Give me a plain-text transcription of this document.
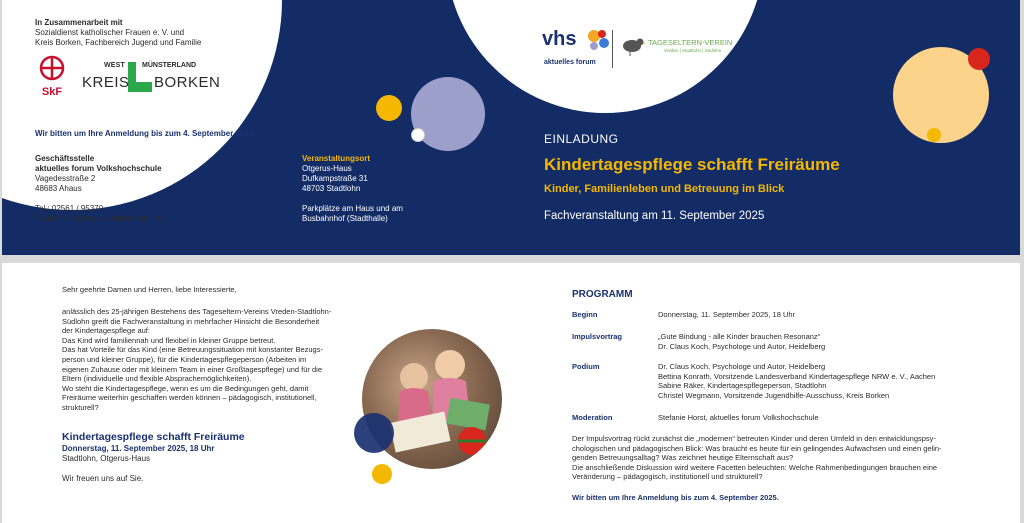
In Zusammenarbeit mit
Sozialdienst katholischer Frauen e. V. und
Kreis Borken, Fachbereich Jugend und Familie
SkF
WEST MÜNSTERLAND
KREIS BORKEN
Wir bitten um Ihre Anmeldung bis zum 4. September 2025.
Geschäftsstelle
aktuelles forum Volkshochschule
Vagedesstraße 2
48683 Ahaus
Tel.: 02561 / 95370
E-Mail: info@vhs-aktuellesforum.de
Veranstaltungsort
Otgerus-Haus
Dufkampstraße 31
48703 Stadtlohn
Parkplätze am Haus und am
Busbahnhof (Stadthalle)
vhs
aktuelles forum
TAGESELTERN-VEREIN
Vreden | Stadtlohn | Südlohn
EINLADUNG
Kindertagespflege schafft Freiräume
Kinder, Familienleben und Betreuung im Blick
Fachveranstaltung am 11. September 2025
Sehr geehrte Damen und Herren, liebe Interessierte,
anlässlich des 25-jährigen Bestehens des Tageseltern-Vereins Vreden-Stadtlohn-
Südlohn greift die Fachveranstaltung in mehrfacher Hinsicht die Besonderheit
der Kindertagespflege auf:
Das Kind wird familiennah und flexibel in kleiner Gruppe betreut.
Das hat Vorteile für das Kind (eine Betreuungssituation mit konstanter Bezugs-
person und kleiner Gruppe), für die Kindertagespflegeperson (Arbeiten im
eigenen Zuhause oder mit kleinem Team in einer Großtagespflege) und für die
Eltern (individuelle und flexible Absprachemöglichkeiten).
Wo steht die Kindertagespflege, wenn es um die Bedingungen geht, damit
Freiräume weiterhin geschaffen werden können – pädagogisch, institutionell,
strukturell?
Kindertagespflege schafft Freiräume
Donnerstag, 11. September 2025, 18 Uhr
Stadtlohn, Otgerus-Haus
Wir freuen uns auf Sie.
PROGRAMM
Beginn	Donnerstag, 11. September 2025, 18 Uhr
Impulsvortrag	„Gute Bindung - alle Kinder brauchen Resonanz“
Dr. Claus Koch, Psychologe und Autor, Heidelberg
Podium	Dr. Claus Koch, Psychologe und Autor, Heidelberg
Bettina Konrath, Vorsitzende Landesverband Kindertagespflege NRW e. V., Aachen
Sabine Räker, Kindertagespflegeperson, Stadtlohn
Christel Wegmann, Vorsitzende Jugendhilfe-Ausschuss, Kreis Borken
Moderation	Stefanie Horst, aktuelles forum Volkshochschule
Der Impulsvortrag rückt zunächst die „modernen“ betreuten Kinder und deren Umfeld in den entwicklungspsy-
chologischen und pädagogischen Blick: Was braucht es heute für ein gelingendes Aufwachsen und einen gelin-
genden Betreuungsalltag? Was zeichnet heutige Elternschaft aus?
Die anschließende Diskussion wird weitere Facetten beleuchten: Welche Rahmenbedingungen brauchen eine
Veränderung – pädagogisch, institutionell und strukturell?
Wir bitten um Ihre Anmeldung bis zum 4. September 2025.
